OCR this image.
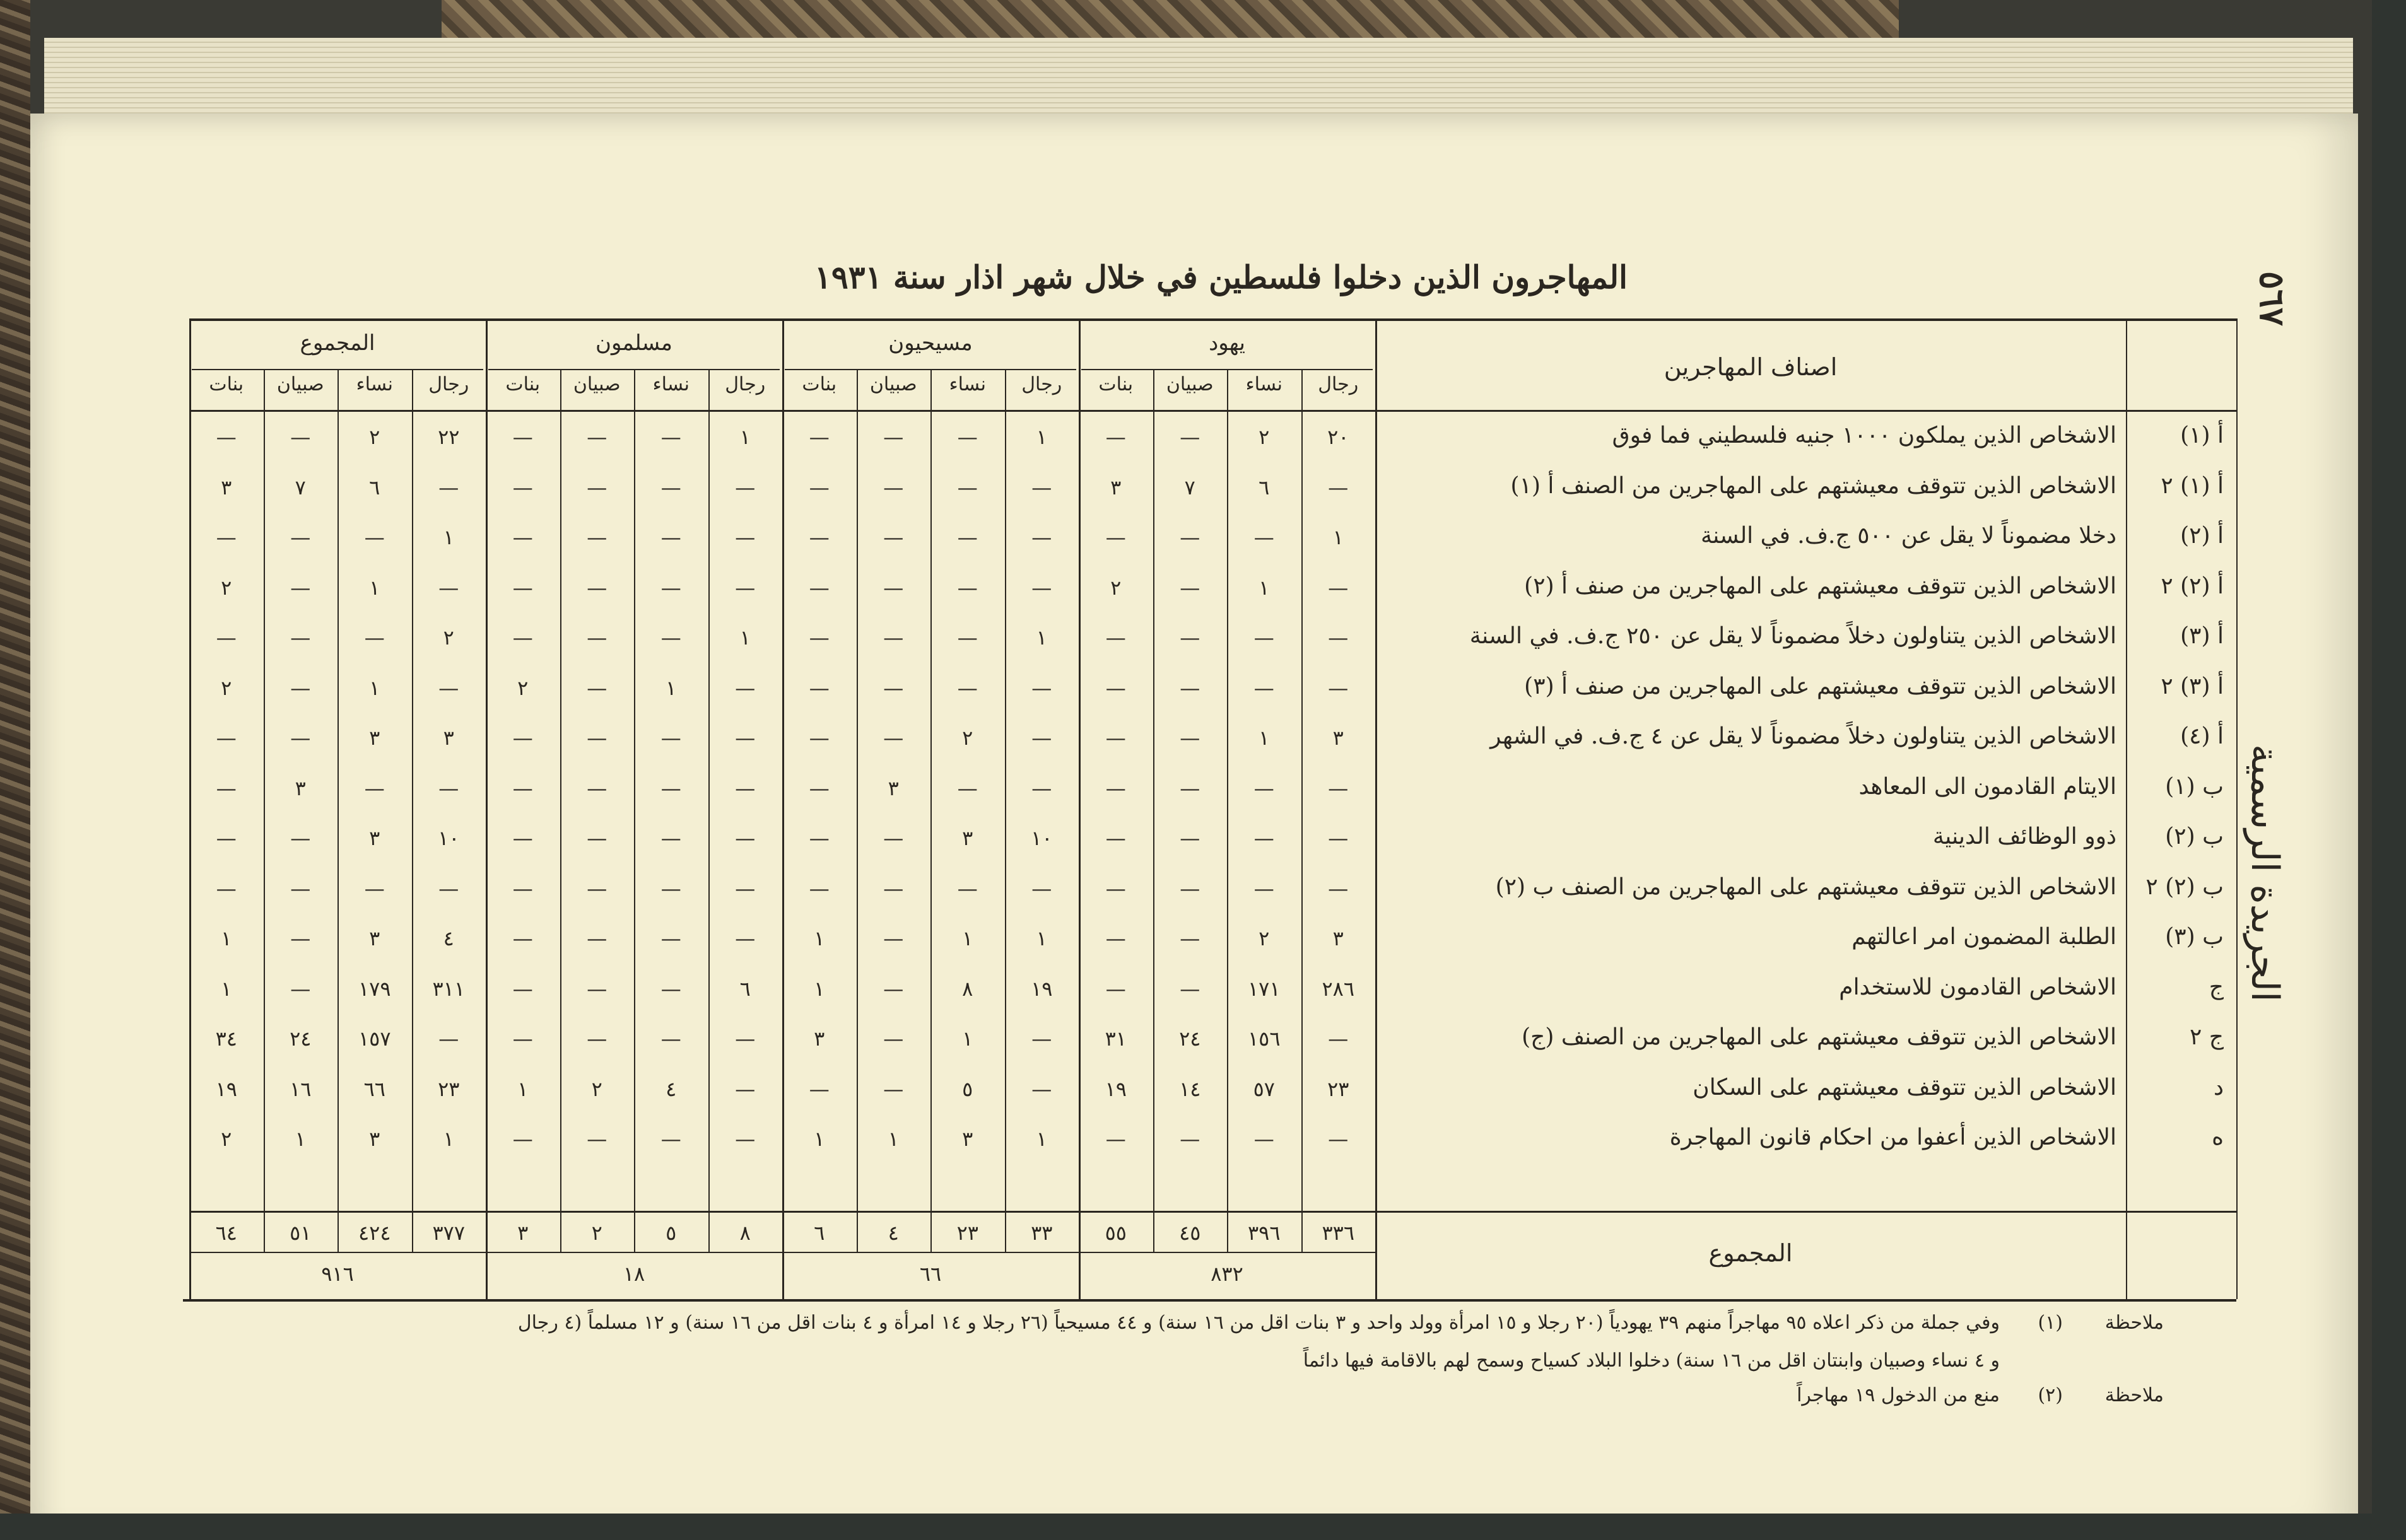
المهاجرون الذين دخلوا فلسطين في خلال شهر اذار سنة ١٩٣١	٥٦٧
الجريدة الرسمية
يهود
رجال
نساء
صبيان
بنات
مسيحيون
رجال
نساء
صبيان
بنات
مسلمون
رجال
نساء
صبيان
بنات
المجموع
رجال
نساء
صبيان
بنات
اصناف المهاجرين
أ (١)
الاشخاص الذين يملكون ١٠٠٠ جنيه فلسطيني فما فوق
٢٠
٢
—
—
١
—
—
—
١
—
—
—
٢٢
٢
—
—
أ (١) ٢
الاشخاص الذين تتوقف معيشتهم على المهاجرين من الصنف أ (١)
—
٦
٧
٣
—
—
—
—
—
—
—
—
—
٦
٧
٣
أ (٢)
دخلا مضموناً لا يقل عن ٥٠٠ ج.ف. في السنة
١
—
—
—
—
—
—
—
—
—
—
—
١
—
—
—
أ (٢) ٢
الاشخاص الذين تتوقف معيشتهم على المهاجرين من صنف أ (٢)
—
١
—
٢
—
—
—
—
—
—
—
—
—
١
—
٢
أ (٣)
الاشخاص الذين يتناولون دخلاً مضموناً لا يقل عن ٢٥٠ ج.ف. في السنة
—
—
—
—
١
—
—
—
١
—
—
—
٢
—
—
—
أ (٣) ٢
الاشخاص الذين تتوقف معيشتهم على المهاجرين من صنف أ (٣)
—
—
—
—
—
—
—
—
—
١
—
٢
—
١
—
٢
أ (٤)
الاشخاص الذين يتناولون دخلاً مضموناً لا يقل عن ٤ ج.ف. في الشهر
٣
١
—
—
—
٢
—
—
—
—
—
—
٣
٣
—
—
ب (١)
الايتام القادمون الى المعاهد
—
—
—
—
—
—
٣
—
—
—
—
—
—
—
٣
—
ب (٢)
ذوو الوظائف الدينية
—
—
—
—
١٠
٣
—
—
—
—
—
—
١٠
٣
—
—
ب (٢) ٢
الاشخاص الذين تتوقف معيشتهم على المهاجرين من الصنف ب (٢)
—
—
—
—
—
—
—
—
—
—
—
—
—
—
—
—
ب (٣)
الطلبة المضمون امر اعالتهم
٣
٢
—
—
١
١
—
١
—
—
—
—
٤
٣
—
١
ج
الاشخاص القادمون للاستخدام
٢٨٦
١٧١
—
—
١٩
٨
—
١
٦
—
—
—
٣١١
١٧٩
—
١
ج ٢
الاشخاص الذين تتوقف معيشتهم على المهاجرين من الصنف (ج)
—
١٥٦
٢٤
٣١
—
١
—
٣
—
—
—
—
—
١٥٧
٢٤
٣٤
د
الاشخاص الذين تتوقف معيشتهم على السكان
٢٣
٥٧
١٤
١٩
—
٥
—
—
—
٤
٢
١
٢٣
٦٦
١٦
١٩
ه
الاشخاص الذين أعفوا من احكام قانون المهاجرة
—
—
—
—
١
٣
١
١
—
—
—
—
١
٣
١
٢
٣٣٦
٣٩٦
٤٥
٥٥
٣٣
٢٣
٤
٦
٨
٥
٢
٣
٣٧٧
٤٢٤
٥١
٦٤
٨٣٢
٦٦
١٨
٩١٦
المجموع
ملاحظة
(١)
وفي جملة من ذكر اعلاه ٩٥ مهاجراً منهم ٣٩ يهودياً (٢٠ رجلا و ١٥ امرأة وولد واحد و ٣ بنات اقل من ١٦ سنة) و ٤٤ مسيحياً (٢٦ رجلا و ١٤ امرأة و ٤ بنات اقل من ١٦ سنة) و ١٢ مسلماً (٤ رجال
و ٤ نساء وصبيان وابنتان اقل من ١٦ سنة) دخلوا البلاد كسياح وسمح لهم بالاقامة فيها دائماً
ملاحظة
(٢)
منع من الدخول ١٩ مهاجراً
